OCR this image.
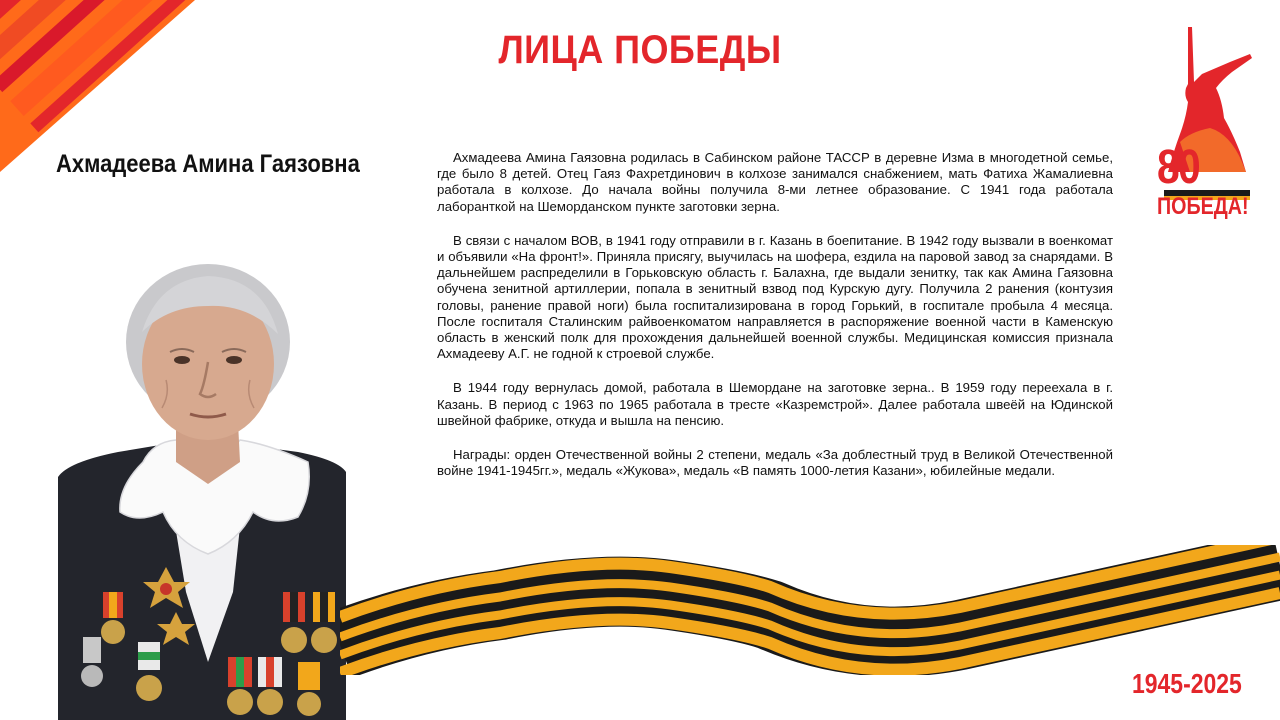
ЛИЦА ПОБЕДЫ
Ахмадеева Амина Гаязовна	Ахмадеева Амина Гаязовна родилась в Сабинском районе ТАССР в деревне Изма в многодетной семье, где было 8 детей. Отец Гаяз Фахретдинович в колхозе занимался снабжением, мать Фатиха Жамалиевна работала в колхозе. До начала войны получила 8-ми летнее образование. С 1941 года работала лаборанткой на Шеморданском пункте заготовки зерна.

В связи с началом ВОВ, в 1941 году отправили в г. Казань в боепитание. В 1942 году вызвали в военкомат и объявили «На фронт!». Приняла присягу, выучилась на шофера, ездила на паровой завод за снарядами. В дальнейшем распределили в Горьковскую область г. Балахна, где выдали зенитку, так как Амина Гаязовна обучена зенитной артиллерии, попала в зенитный взвод под Курскую дугу. Получила 2 ранения (контузия головы, ранение правой ноги) была госпитализирована в город Горький, в госпитале пробыла 4 месяца. После госпиталя Сталинским райвоенкоматом направляется в распоряжение военной части в Каменскую область в женский полк для прохождения дальнейшей военной службы. Медицинская комиссия признала Ахмадееву А.Г. не годной к строевой службе.

В 1944 году вернулась домой, работала в Шемордане на заготовке зерна.. В 1959 году переехала в г. Казань. В период с 1963 по 1965 работала в тресте «Казремстрой». Далее работала швеёй на Юдинской швейной фабрике, откуда и вышла на пенсию.

Награды: орден Отечественной войны 2 степени, медаль «За доблестный труд в Великой Отечественной войне 1941-1945гг.», медаль «Жукова», медаль «В память 1000-летия Казани», юбилейные медали.

80
ПОБЕДА!
1945-2025
